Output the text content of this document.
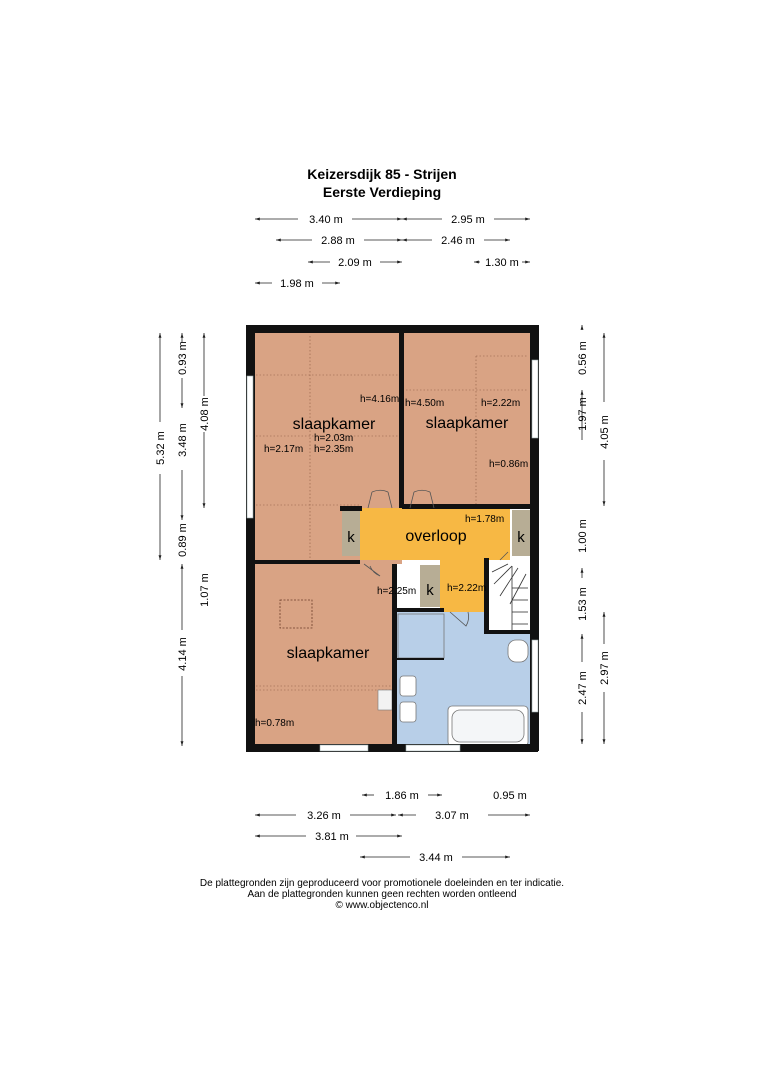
Keizersdijk 85 - Strijen
Eerste Verdieping
slaapkamer	slaapkamer
slaapkamer
overloop
k	k
k
h=4.16m
h=2.03m
h=2.35m
h=2.17m
h=4.50m	h=2.22m
h=0.86m
h=1.78m
h=2.25m	h=2.22m
h=0.78m
3.40 m	2.95 m
2.88 m	2.46 m
2.09 m	1.30 m
1.98 m
5.32 m
0.93 m
3.48 m
4.08 m
0.89 m
1.07 m
4.14 m
0.56 m
1.97 m
4.05 m
1.00 m
1.53 m
2.47 m
2.97 m
1.86 m	0.95 m
3.26 m	3.07 m
3.81 m
3.44 m
De plattegronden zijn geproduceerd voor promotionele doeleinden en ter indicatie.
Aan de plattegronden kunnen geen rechten worden ontleend
© www.objectenco.nl
